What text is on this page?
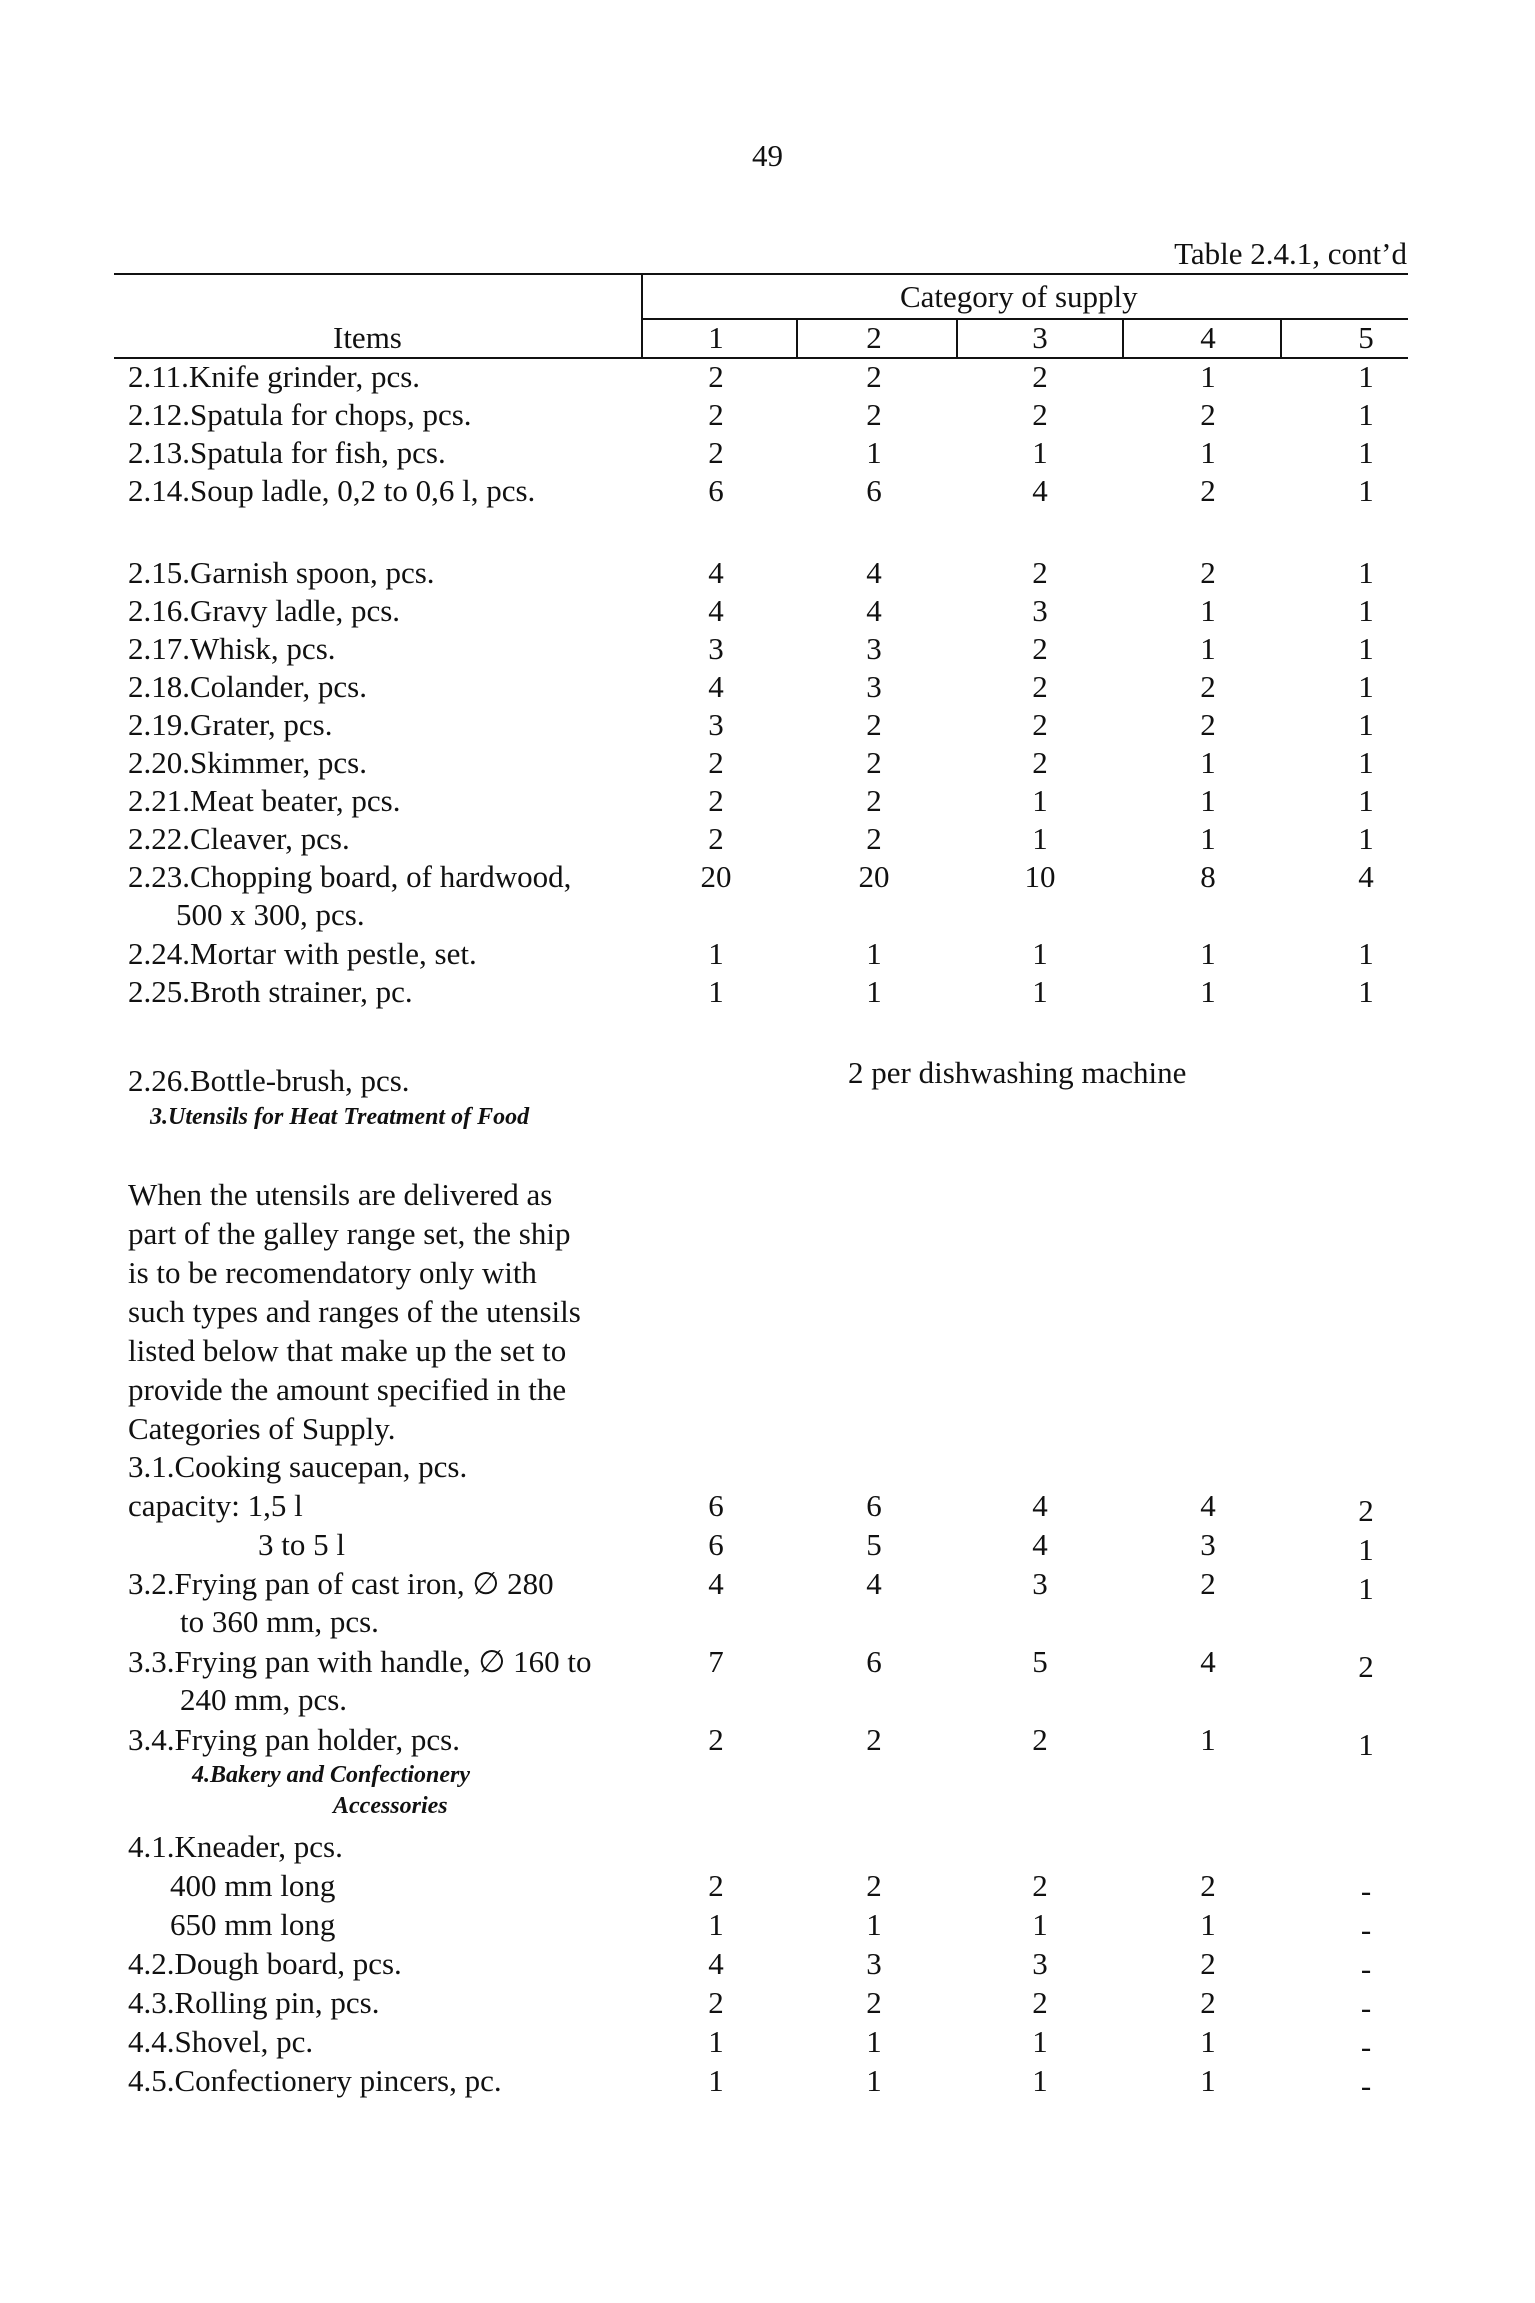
49
Table 2.4.1, cont’d
Items
Category of supply
1	2	3	4	5
2.11.Knife grinder, pcs.	2	2	2	1	1
2.12.Spatula for chops, pcs.	2	2	2	2	1
2.13.Spatula for fish, pcs.	2	1	1	1	1
2.14.Soup ladle, 0,2 to 0,6 l, pcs.	6	6	4	2	1
2.15.Garnish spoon, pcs.	4	4	2	2	1
2.16.Gravy ladle, pcs.	4	4	3	1	1
2.17.Whisk, pcs.	3	3	2	1	1
2.18.Colander, pcs.	4	3	2	2	1
2.19.Grater, pcs.	3	2	2	2	1
2.20.Skimmer, pcs.	2	2	2	1	1
2.21.Meat beater, pcs.	2	2	1	1	1
2.22.Cleaver, pcs.	2	2	1	1	1
2.23.Chopping board, of hardwood,
500 x 300, pcs.
20	20	10	8	4
2.24.Mortar with pestle, set.	1	1	1	1	1
2.25.Broth strainer, pc.	1	1	1	1	1
2.26.Bottle-brush, pcs.	2 per dishwashing machine
3.Utensils for Heat Treatment of Food
When the utensils are delivered as
part of the galley range set, the ship
is to be recomendatory only with
such types and ranges of the utensils
listed below that make up the set to
provide the amount specified in the
Categories of Supply.
3.1.Cooking saucepan, pcs.
capacity: 1,5 l	6	6	4	4	2
3 to 5 l	6	5	4	3	1
3.2.Frying pan of cast iron, ∅ 280
to 360 mm, pcs.
4	4	3	2	1
3.3.Frying pan with handle, ∅ 160 to
240 mm, pcs.
7	6	5	4	2
3.4.Frying pan holder, pcs.	2	2	2	1	1
4.Bakery and Confectionery
Accessories
4.1.Kneader, pcs.
400 mm long	2	2	2	2	-
650 mm long	1	1	1	1	-
4.2.Dough board, pcs.	4	3	3	2	-
4.3.Rolling pin, pcs.	2	2	2	2	-
4.4.Shovel, pc.	1	1	1	1	-
4.5.Confectionery pincers, pc.	1	1	1	1	-
